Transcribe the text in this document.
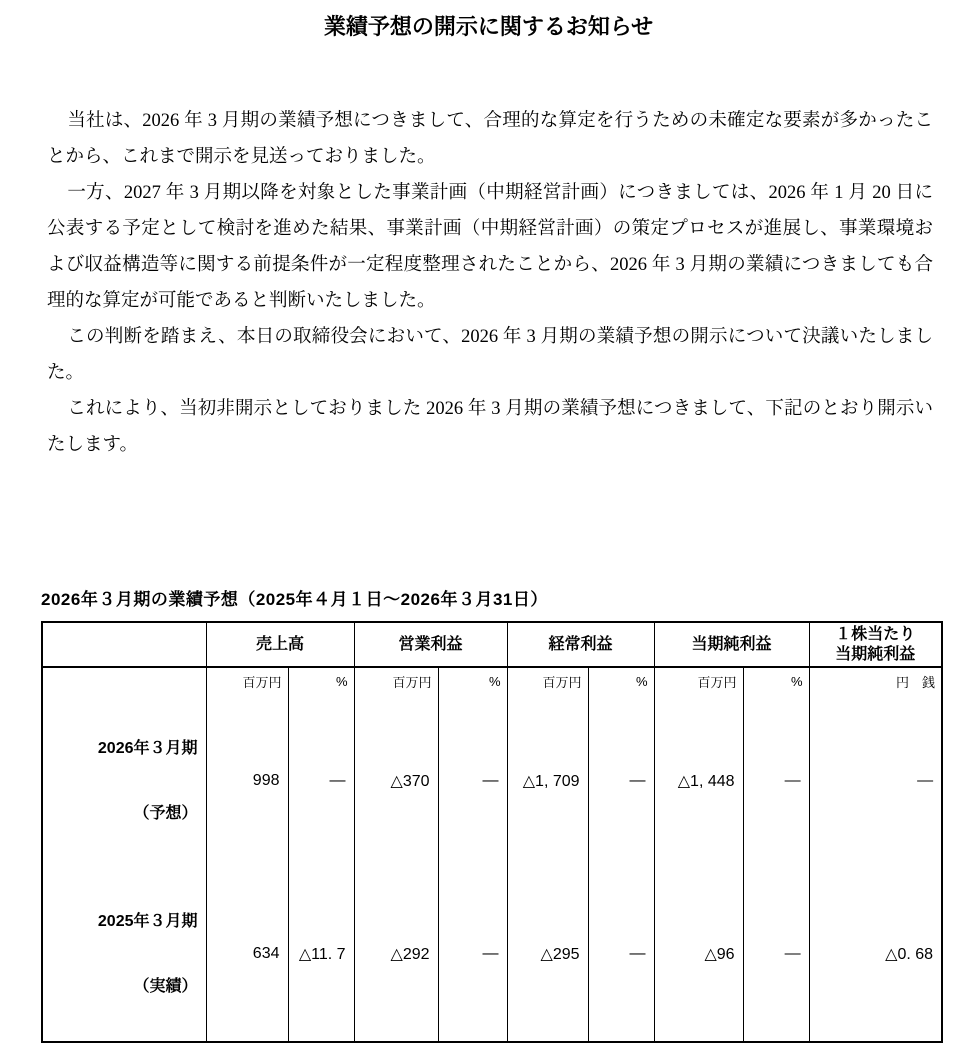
業績予想の開示に関するお知らせ

当社は、2026 年 3 月期の業績予想につきまして、合理的な算定を行うための未確定な要素が多かったことから、これまで開示を見送っておりました。

一方、2027 年 3 月期以降を対象とした事業計画（中期経営計画）につきましては、2026 年 1 月 20 日に公表する予定として検討を進めた結果、事業計画（中期経営計画）の策定プロセスが進展し、事業環境および収益構造等に関する前提条件が一定程度整理されたことから、2026 年 3 月期の業績につきましても合理的な算定が可能であると判断いたしました。

この判断を踏まえ、本日の取締役会において、2026 年 3 月期の業績予想の開示について決議いたしました。

これにより、当初非開示としておりました 2026 年 3 月期の業績予想につきまして、下記のとおり開示いたします。

2026年３月期の業績予想（2025年４月１日～2026年３月31日）
	売上高		営業利益		経常利益		当期純利益		１株当たり
当期純利益

	百万円	%	百万円	%	百万円	%	百万円	%	円　銭

2026年３月期

（予想）	998	—	△370	—	△1, 709	—	△1, 448	—	—

2025年３月期

（実績）	634	△11. 7	△292	—	△295	—	△96	—	△0. 68
